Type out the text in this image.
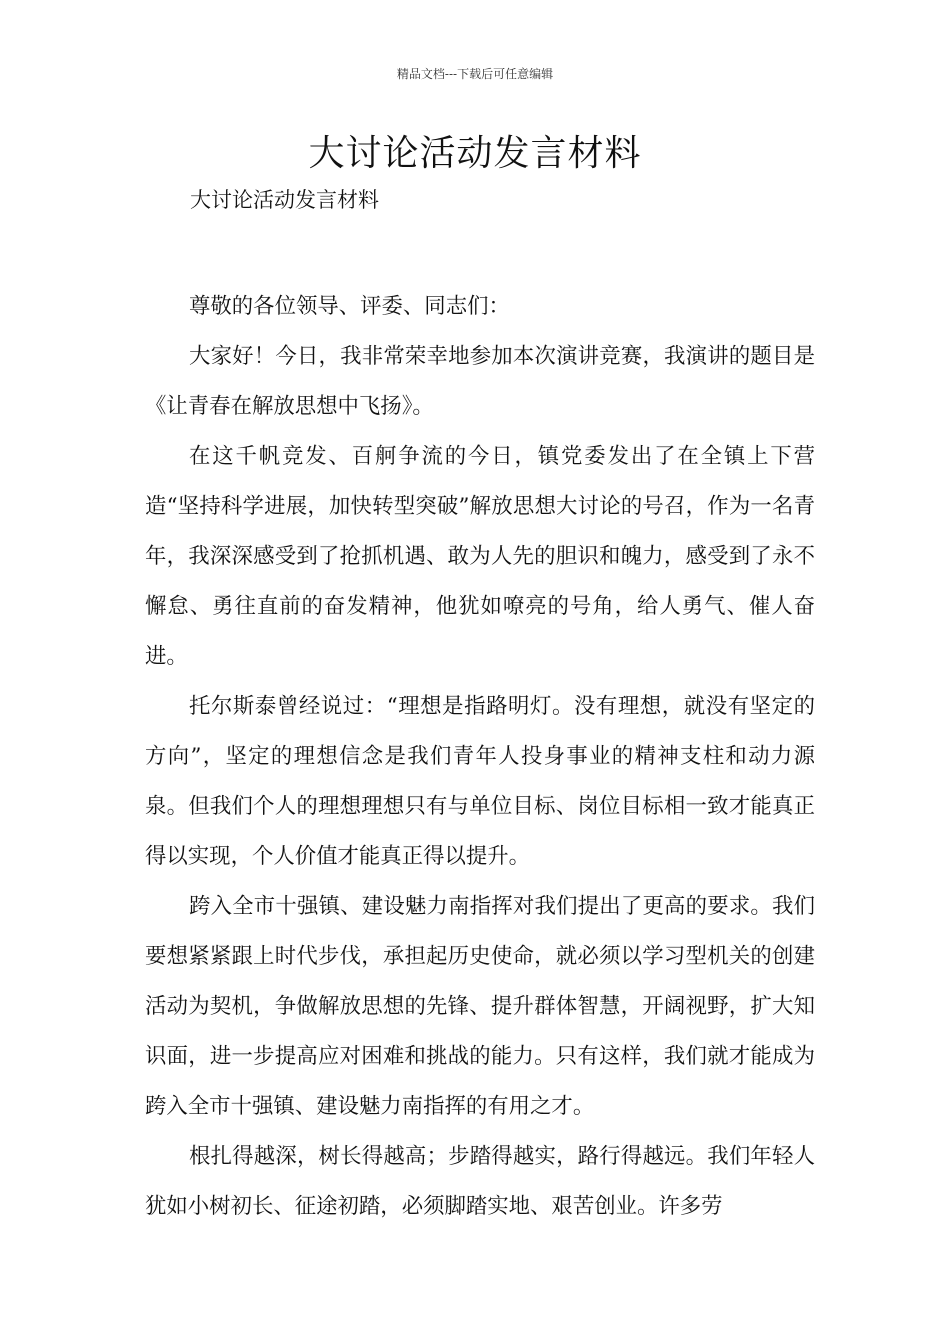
精品文档---下载后可任意编辑
大讨论活动发言材料

大讨论活动发言材料

尊敬的各位领导、评委、同志们：

大家好！今日，我非常荣幸地参加本次演讲竞赛，我演讲的题目是《让青春在解放思想中飞扬》。

在这千帆竞发、百舸争流的今日，镇党委发出了在全镇上下营造“坚持科学进展，加快转型突破”解放思想大讨论的号召，作为一名青年，我深深感受到了抢抓机遇、敢为人先的胆识和魄力，感受到了永不懈怠、勇往直前的奋发精神，他犹如嘹亮的号角，给人勇气、催人奋进。

托尔斯泰曾经说过：“理想是指路明灯。没有理想，就没有坚定的方向”，坚定的理想信念是我们青年人投身事业的精神支柱和动力源泉。但我们个人的理想理想只有与单位目标、岗位目标相一致才能真正得以实现，个人价值才能真正得以提升。

跨入全市十强镇、建设魅力南指挥对我们提出了更高的要求。我们要想紧紧跟上时代步伐，承担起历史使命，就必须以学习型机关的创建活动为契机，争做解放思想的先锋、提升群体智慧，开阔视野，扩大知识面，进一步提高应对困难和挑战的能力。只有这样，我们就才能成为跨入全市十强镇、建设魅力南指挥的有用之才。

根扎得越深，树长得越高；步踏得越实，路行得越远。我们年轻人犹如小树初长、征途初踏，必须脚踏实地、艰苦创业。许多劳
